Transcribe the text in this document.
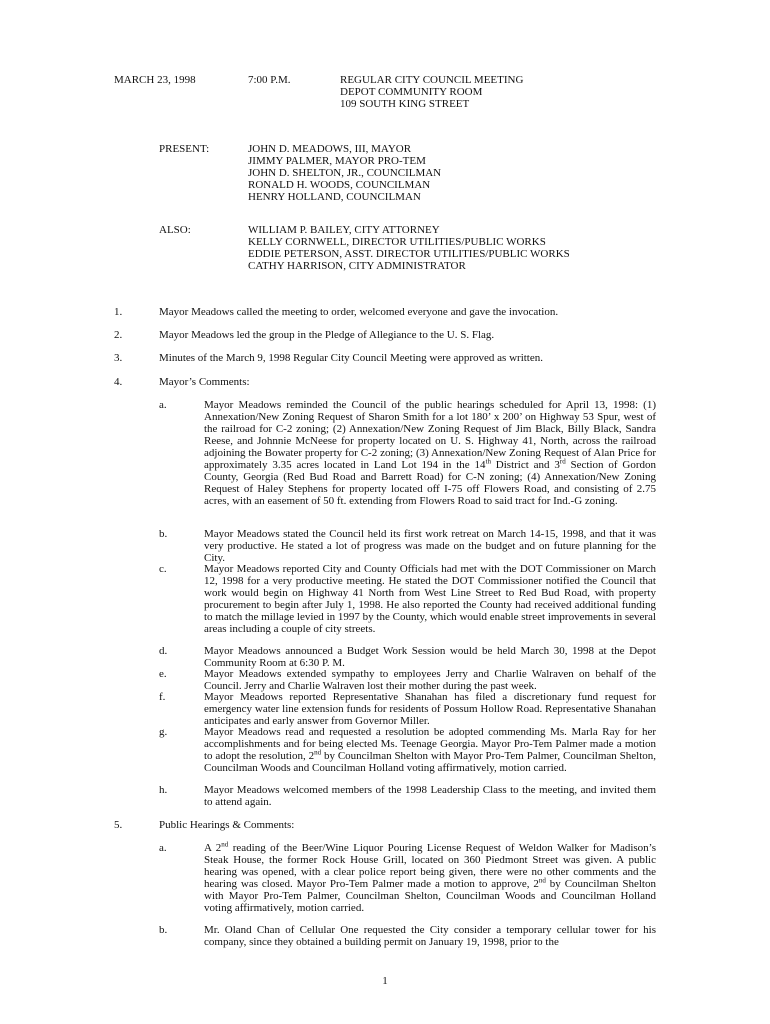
MARCH 23, 1998	7:00 P.M.	REGULAR CITY COUNCIL MEETING
DEPOT COMMUNITY ROOM
109 SOUTH KING STREET
PRESENT:	JOHN D. MEADOWS, III, MAYOR
JIMMY PALMER, MAYOR PRO-TEM
JOHN D. SHELTON, JR., COUNCILMAN
RONALD H. WOODS, COUNCILMAN
HENRY HOLLAND, COUNCILMAN
ALSO:	WILLIAM P. BAILEY, CITY ATTORNEY
KELLY CORNWELL, DIRECTOR UTILITIES/PUBLIC WORKS
EDDIE PETERSON, ASST. DIRECTOR UTILITIES/PUBLIC WORKS
CATHY HARRISON, CITY ADMINISTRATOR
1.	Mayor Meadows called the meeting to order, welcomed everyone and gave the invocation.
2.	Mayor Meadows led the group in the Pledge of Allegiance to the U. S. Flag.
3.	Minutes of the March 9, 1998 Regular City Council Meeting were approved as written.
4.	Mayor’s Comments:
a.	Mayor Meadows reminded the Council of the public hearings scheduled for April 13, 1998: (1) Annexation/New Zoning Request of Sharon Smith for a lot 180’ x 200’ on Highway 53 Spur, west of the railroad for C-2 zoning; (2) Annexation/New Zoning Request of Jim Black, Billy Black, Sandra Reese, and Johnnie McNeese for property located on U. S. Highway 41, North, across the railroad adjoining the Bowater property for C-2 zoning; (3) Annexation/New Zoning Request of Alan Price for approximately 3.35 acres located in Land Lot 194 in the 14th District and 3rd Section of Gordon County, Georgia (Red Bud Road and Barrett Road) for C-N zoning; (4) Annexation/New Zoning Request of Haley Stephens for property located off I-75 off Flowers Road, and consisting of 2.75 acres, with an easement of 50 ft. extending from Flowers Road to said tract for Ind.-G zoning.
b.	Mayor Meadows stated the Council held its first work retreat on March 14-15, 1998, and that it was very productive. He stated a lot of progress was made on the budget and on future planning for the City.
c.	Mayor Meadows reported City and County Officials had met with the DOT Commissioner on March 12, 1998 for a very productive meeting. He stated the DOT Commissioner notified the Council that work would begin on Highway 41 North from West Line Street to Red Bud Road, with property procurement to begin after July 1, 1998. He also reported the County had received additional funding to match the millage levied in 1997 by the County, which would enable street improvements in several areas including a couple of city streets.
d.	Mayor Meadows announced a Budget Work Session would be held March 30, 1998 at the Depot Community Room at 6:30 P. M.
e.	Mayor Meadows extended sympathy to employees Jerry and Charlie Walraven on behalf of the Council. Jerry and Charlie Walraven lost their mother during the past week.
f.	Mayor Meadows reported Representative Shanahan has filed a discretionary fund request for emergency water line extension funds for residents of Possum Hollow Road. Representative Shanahan anticipates and early answer from Governor Miller.
g.	Mayor Meadows read and requested a resolution be adopted commending Ms. Marla Ray for her accomplishments and for being elected Ms. Teenage Georgia. Mayor Pro-Tem Palmer made a motion to adopt the resolution, 2nd by Councilman Shelton with Mayor Pro-Tem Palmer, Councilman Shelton, Councilman Woods and Councilman Holland voting affirmatively, motion carried.
h.	Mayor Meadows welcomed members of the 1998 Leadership Class to the meeting, and invited them to attend again.
5.	Public Hearings & Comments:
a.	A 2nd reading of the Beer/Wine Liquor Pouring License Request of Weldon Walker for Madison’s Steak House, the former Rock House Grill, located on 360 Piedmont Street was given. A public hearing was opened, with a clear police report being given, there were no other comments and the hearing was closed. Mayor Pro-Tem Palmer made a motion to approve, 2nd by Councilman Shelton with Mayor Pro-Tem Palmer, Councilman Shelton, Councilman Woods and Councilman Holland voting affirmatively, motion carried.
b.	Mr. Oland Chan of Cellular One requested the City consider a temporary cellular tower for his company, since they obtained a building permit on January 19, 1998, prior to the
1
